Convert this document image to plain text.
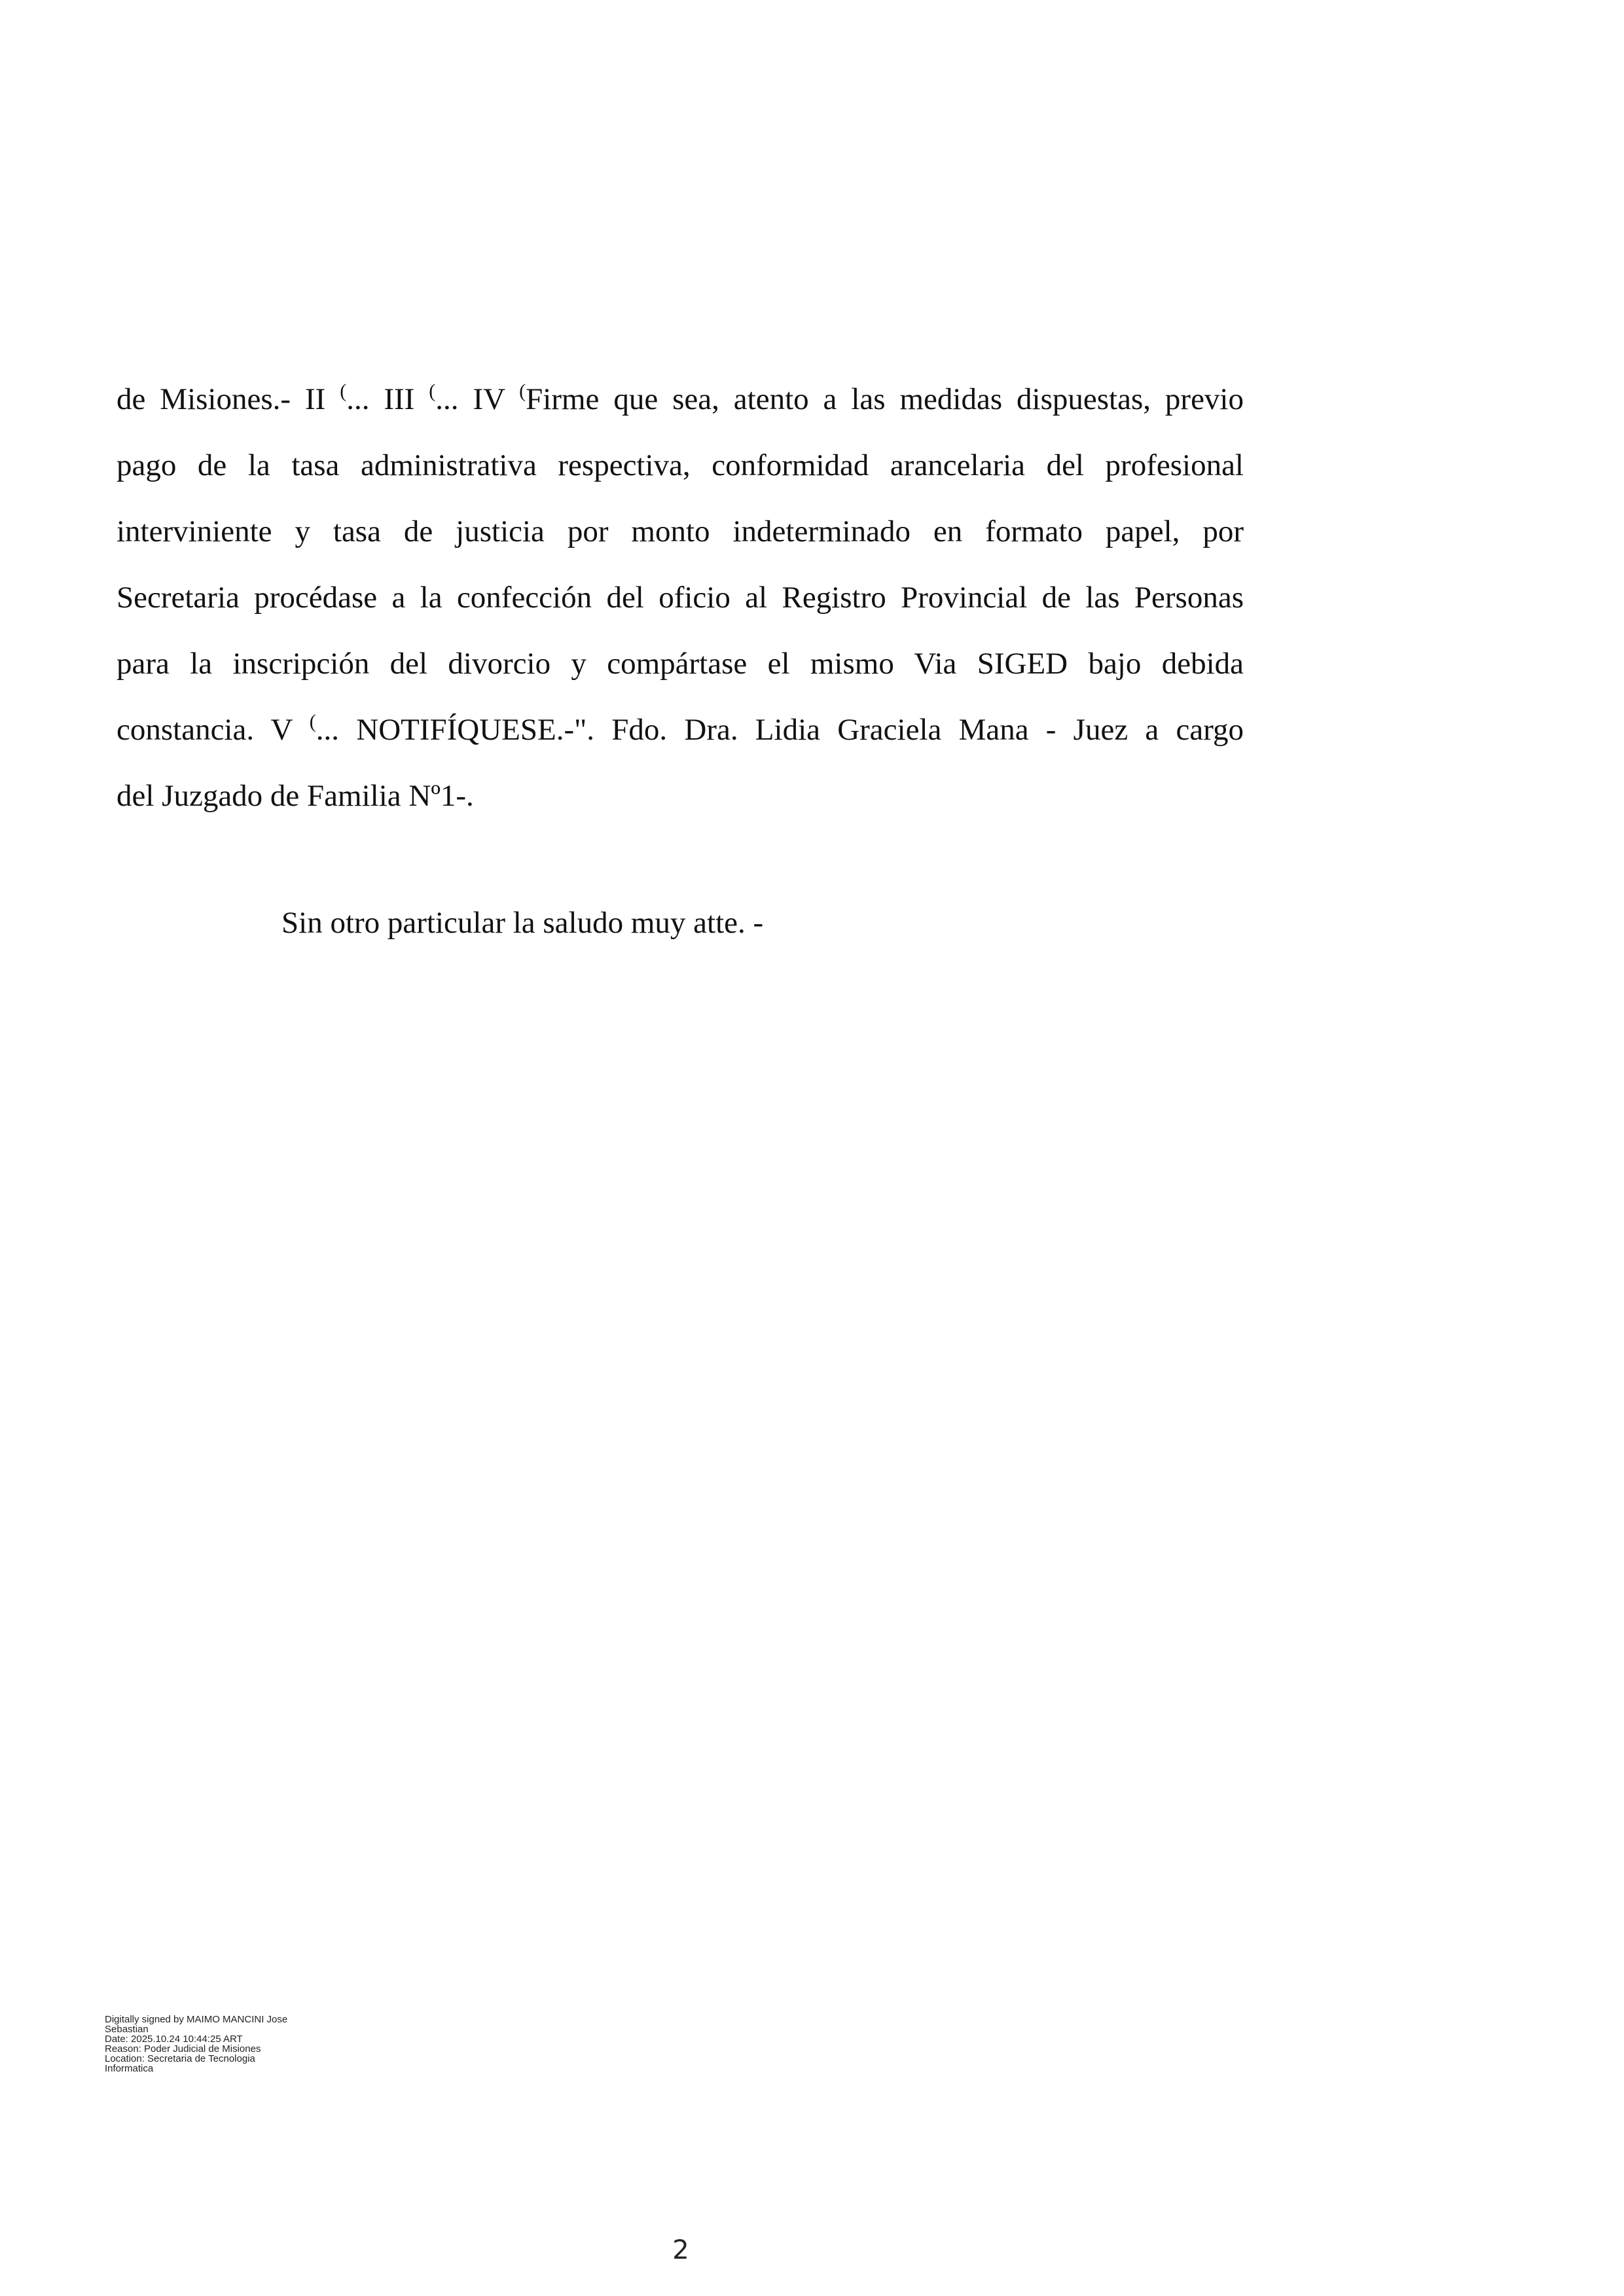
de Misiones.- II (... III (... IV (Firme que sea, atento a las medidas dispuestas, previo
pago de la tasa administrativa respectiva, conformidad arancelaria del profesional
interviniente y tasa de justicia por monto indeterminado en formato papel, por
Secretaria procédase a la confección del oficio al Registro Provincial de las Personas
para la inscripción del divorcio y compártase el mismo Via SIGED bajo debida
constancia. V (... NOTIFÍQUESE.-". Fdo. Dra. Lidia Graciela Mana - Juez a cargo
del Juzgado de Familia Nº1-.
Sin otro particular la saludo muy atte. -
Digitally signed by MAIMO MANCINI Jose
Sebastian
Date: 2025.10.24 10:44:25 ART
Reason: Poder Judicial de Misiones
Location: Secretaria de Tecnologia
Informatica
2
